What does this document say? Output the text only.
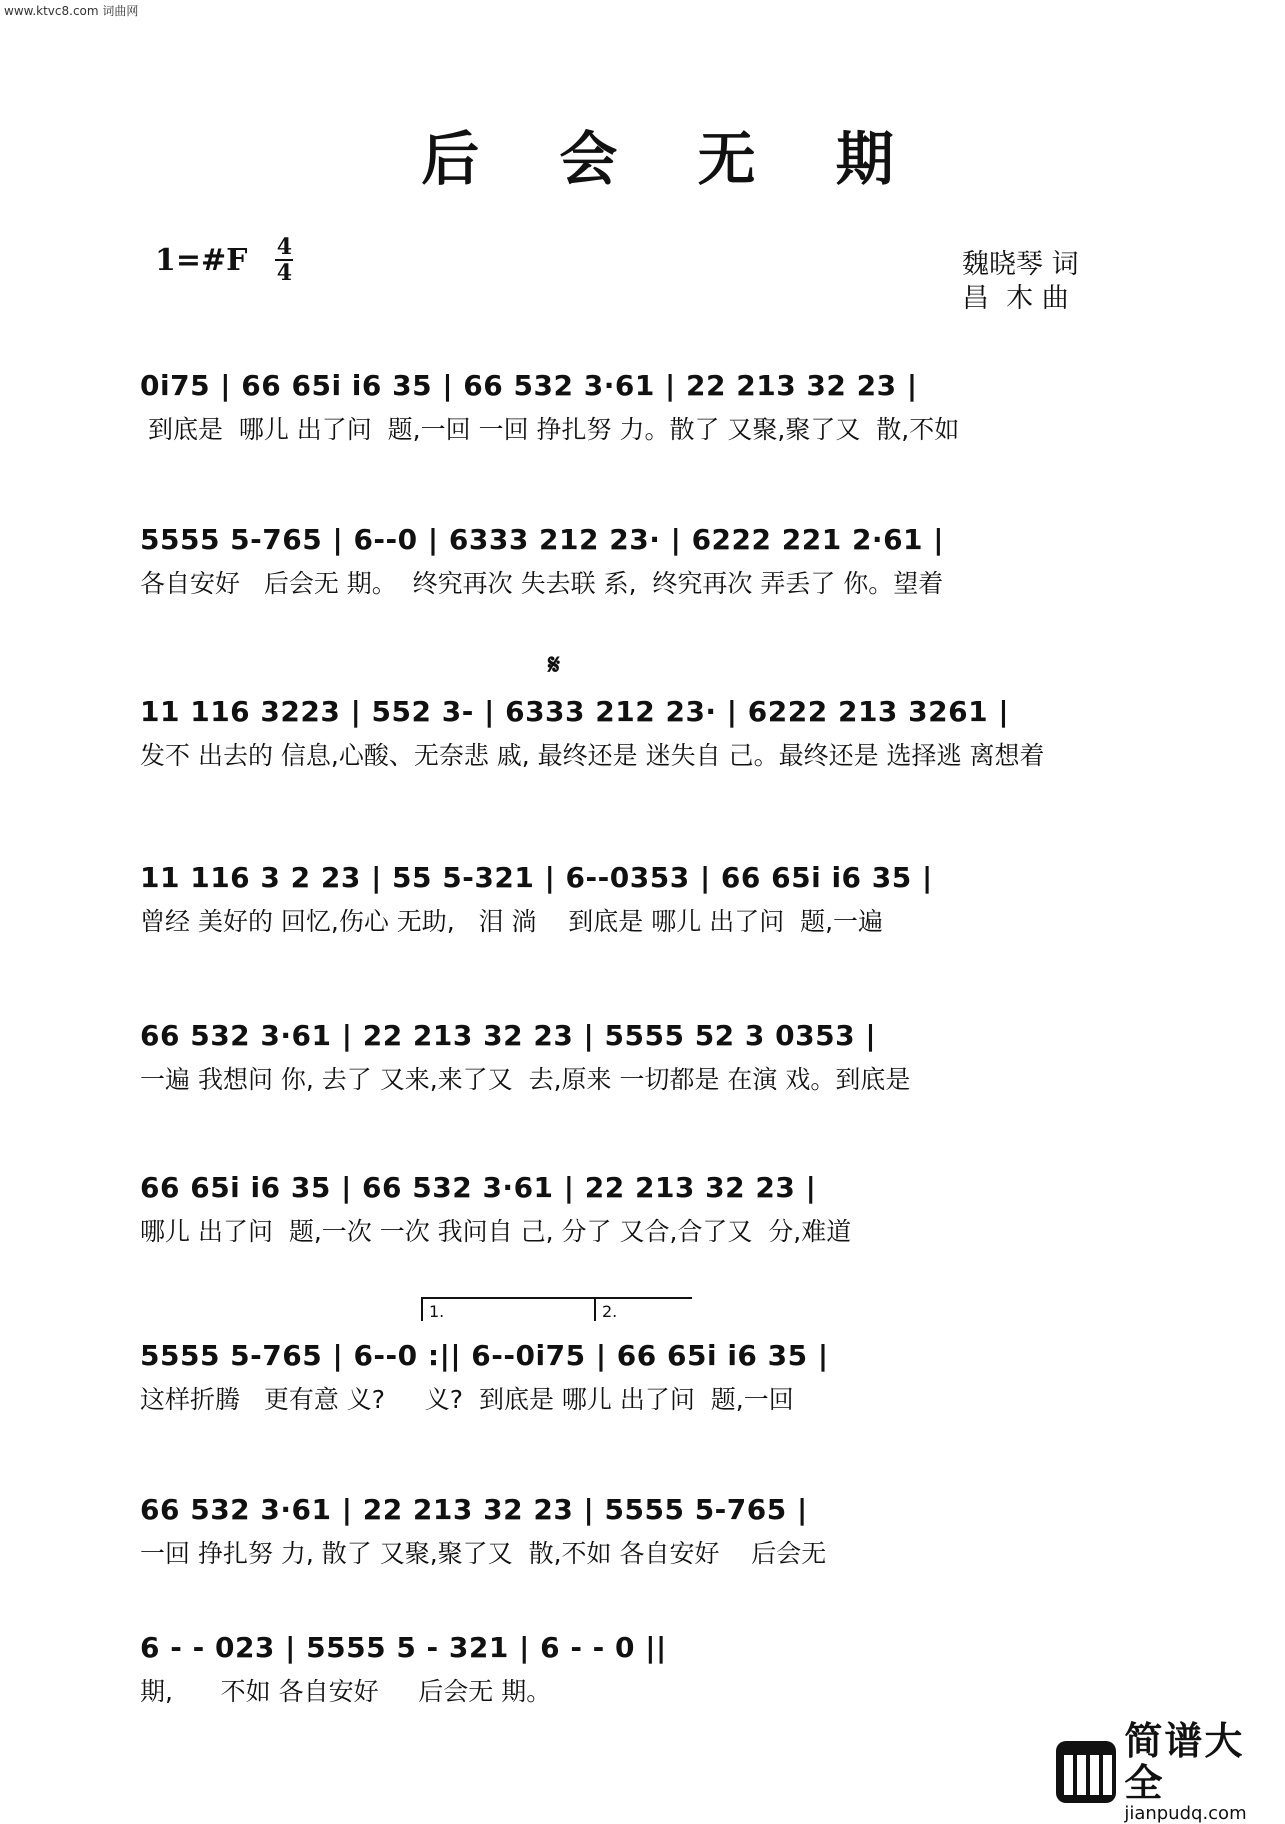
www.ktvc8.com 词曲网
后 会 无 期
1=#F 4
4	魏晓琴 词
昌  木 曲
𝄋
1.	2.
0i75 | 66 65i i6 35 | 66 532 3·61 | 22 213 32 23 |
到底是  哪儿 出了问  题,一回 一回 挣扎努 力。散了 又聚,聚了又  散,不如
5555 5-765 | 6--0 | 6333 212 23· | 6222 221 2·61 |
各自安好   后会无 期。  终究再次 失去联 系,  终究再次 弄丢了 你。望着
11 116 3223 | 552 3- | 6333 212 23· | 6222 213 3261 |
发不 出去的 信息,心酸、无奈悲 戚, 最终还是 迷失自 己。最终还是 选择逃 离想着
11 116 3 2 23 | 55 5-321 | 6--0353 | 66 65i i6 35 |
曾经 美好的 回忆,伤心 无助,   泪 淌    到底是 哪儿 出了问  题,一遍
66 532 3·61 | 22 213 32 23 | 5555 52 3 0353 |
一遍 我想问 你, 去了 又来,来了又  去,原来 一切都是 在演 戏。到底是
66 65i i6 35 | 66 532 3·61 | 22 213 32 23 |
哪儿 出了问  题,一次 一次 我问自 己, 分了 又合,合了又  分,难道
5555 5-765 | 6--0 :|| 6--0i75 | 66 65i i6 35 |
这样折腾   更有意 义?     义?  到底是 哪儿 出了问  题,一回
66 532 3·61 | 22 213 32 23 | 5555 5-765 |
一回 挣扎努 力, 散了 又聚,聚了又  散,不如 各自安好    后会无
6 - - 023 | 5555 5 - 321 | 6 - - 0 ||
期,      不如 各自安好     后会无 期。
简谱大全
jianpudq.com
